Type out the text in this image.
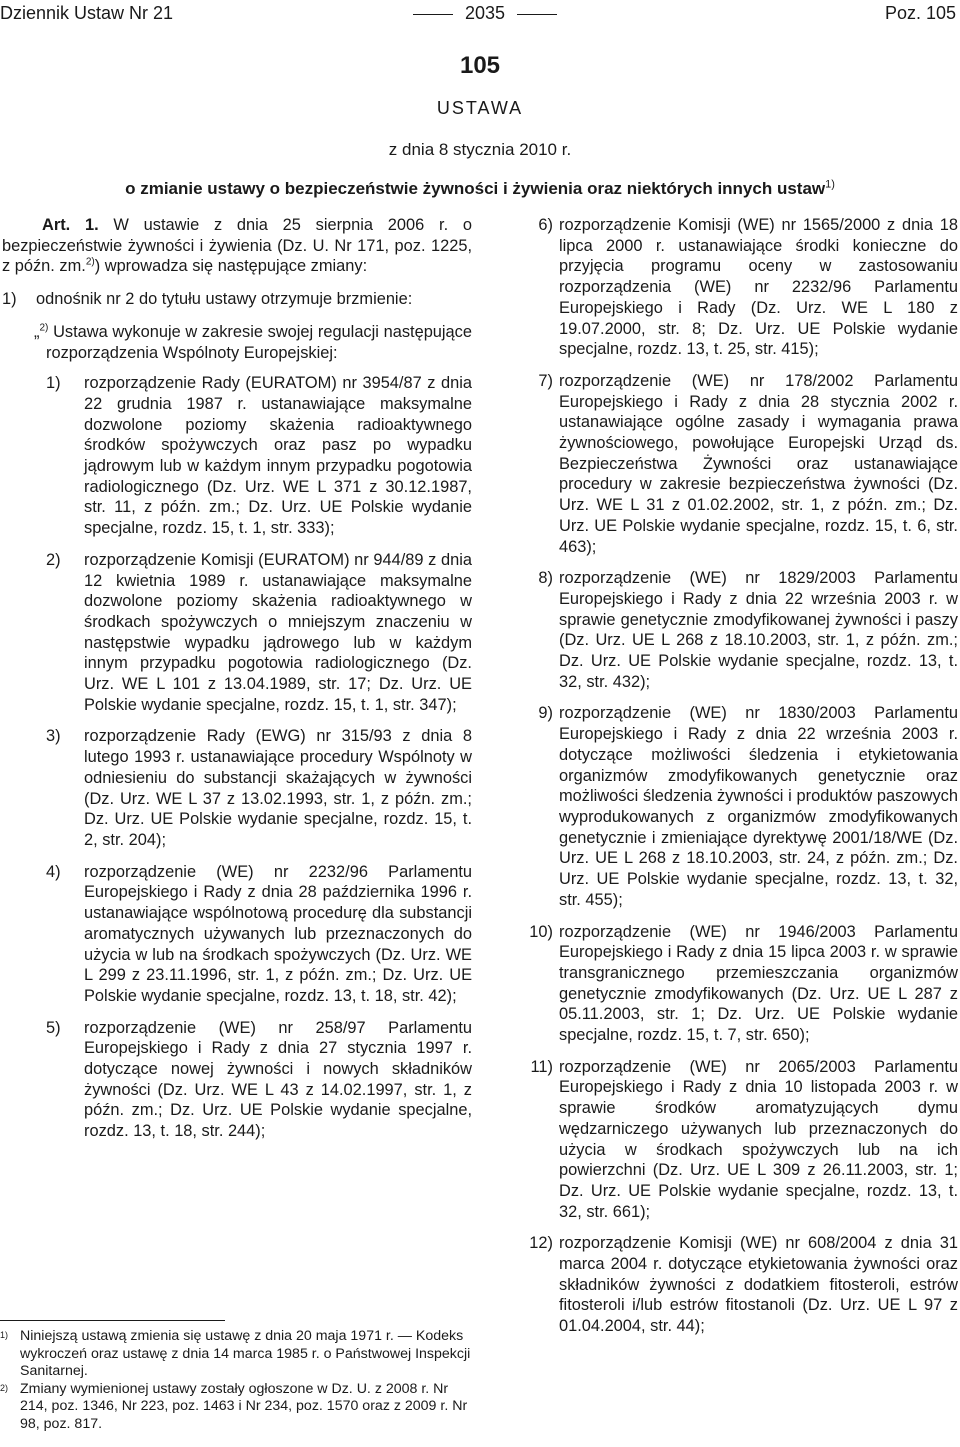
Dziennik Ustaw Nr 21	2035	Poz. 105
105
USTAWA
z dnia 8 stycznia 2010 r.
o zmianie ustawy o bezpieczeństwie żywności i żywienia oraz niektórych innych ustaw$^{1)}$

Art. 1. W ustawie z dnia 25 sierpnia 2006 r. o bezpieczeństwie żywności i żywienia (Dz. U. Nr 171, poz. 1225, z późn. zm.$^{2)}$) wprowadza się następujące zmiany:

1)	odnośnik nr 2 do tytułu ustawy otrzymuje brzmienie:

„$^{2)}$ Ustawa wykonuje w zakresie swojej regulacji następujące rozporządzenia Wspólnoty Europejskiej:

1)	rozporządzenie Rady (EURATOM) nr 3954/87 z dnia 22 grudnia 1987 r. ustanawiające maksymalne dozwolone poziomy skażenia radioaktywnego środków spożywczych oraz pasz po wypadku jądrowym lub w każdym innym przypadku pogotowia radiologicznego (Dz. Urz. WE L 371 z 30.12.1987, str. 11, z późn. zm.; Dz. Urz. UE Polskie wydanie specjalne, rozdz. 15, t. 1, str. 333);
2)	rozporządzenie Komisji (EURATOM) nr 944/89 z dnia 12 kwietnia 1989 r. ustanawiające maksymalne dozwolone poziomy skażenia radioaktywnego w środkach spożywczych o mniejszym znaczeniu w następstwie wypadku jądrowego lub w każdym innym przypadku pogotowia radiologicznego (Dz. Urz. WE L 101 z 13.04.1989, str. 17; Dz. Urz. UE Polskie wydanie specjalne, rozdz. 15, t. 1, str. 347);
3)	rozporządzenie Rady (EWG) nr 315/93 z dnia 8 lutego 1993 r. ustanawiające procedury Wspólnoty w odniesieniu do substancji skażających w żywności (Dz. Urz. WE L 37 z 13.02.1993, str. 1, z późn. zm.; Dz. Urz. UE Polskie wydanie specjalne, rozdz. 15, t. 2, str. 204);
4)	rozporządzenie (WE) nr 2232/96 Parlamentu Europejskiego i Rady z dnia 28 października 1996 r. ustanawiające wspólnotową procedurę dla substancji aromatycznych używanych lub przeznaczonych do użycia w lub na środkach spożywczych (Dz. Urz. WE L 299 z 23.11.1996, str. 1, z późn. zm.; Dz. Urz. UE Polskie wydanie specjalne, rozdz. 13, t. 18, str. 42);
5)	rozporządzenie (WE) nr 258/97 Parlamentu Europejskiego i Rady z dnia 27 stycznia 1997 r. dotyczące nowej żywności i nowych składników żywności (Dz. Urz. WE L 43 z 14.02.1997, str. 1, z późn. zm.; Dz. Urz. UE Polskie wydanie specjalne, rozdz. 13, t. 18, str. 244);
6) rozporządzenie Komisji (WE) nr 1565/2000 z dnia 18 lipca 2000 r. ustanawiające środki konieczne do przyjęcia programu oceny w zastosowaniu rozporządzenia (WE) nr 2232/96 Parlamentu Europejskiego i Rady (Dz. Urz. WE L 180 z 19.07.2000, str. 8; Dz. Urz. UE Polskie wydanie specjalne, rozdz. 13, t. 25, str. 415);
7) rozporządzenie (WE) nr 178/2002 Parlamentu Europejskiego i Rady z dnia 28 stycznia 2002 r. ustanawiające ogólne zasady i wymagania prawa żywnościowego, powołujące Europejski Urząd ds. Bezpieczeństwa Żywności oraz ustanawiające procedury w zakresie bezpieczeństwa żywności (Dz. Urz. WE L 31 z 01.02.2002, str. 1, z późn. zm.; Dz. Urz. UE Polskie wydanie specjalne, rozdz. 15, t. 6, str. 463);
8) rozporządzenie (WE) nr 1829/2003 Parlamentu Europejskiego i Rady z dnia 22 września 2003 r. w sprawie genetycznie zmodyfikowanej żywności i paszy (Dz. Urz. UE L 268 z 18.10.2003, str. 1, z późn. zm.; Dz. Urz. UE Polskie wydanie specjalne, rozdz. 13, t. 32, str. 432);
9) rozporządzenie (WE) nr 1830/2003 Parlamentu Europejskiego i Rady z dnia 22 września 2003 r. dotyczące możliwości śledzenia i etykietowania organizmów zmodyfikowanych genetycznie oraz możliwości śledzenia żywności i produktów paszowych wyprodukowanych z organizmów zmodyfikowanych genetycznie i zmieniające dyrektywę 2001/18/WE (Dz. Urz. UE L 268 z 18.10.2003, str. 24, z późn. zm.; Dz. Urz. UE Polskie wydanie specjalne, rozdz. 13, t. 32, str. 455);
10) rozporządzenie (WE) nr 1946/2003 Parlamentu Europejskiego i Rady z dnia 15 lipca 2003 r. w sprawie transgranicznego przemieszczania organizmów genetycznie zmodyfikowanych (Dz. Urz. UE L 287 z 05.11.2003, str. 1; Dz. Urz. UE Polskie wydanie specjalne, rozdz. 15, t. 7, str. 650);
11) rozporządzenie (WE) nr 2065/2003 Parlamentu Europejskiego i Rady z dnia 10 listopada 2003 r. w sprawie środków aromatyzujących dymu wędzarniczego używanych lub przeznaczonych do użycia w środkach spożywczych lub na ich powierzchni (Dz. Urz. UE L 309 z 26.11.2003, str. 1; Dz. Urz. UE Polskie wydanie specjalne, rozdz. 13, t. 32, str. 661);
12) rozporządzenie Komisji (WE) nr 608/2004 z dnia 31 marca 2004 r. dotyczące etykietowania żywności oraz składników żywności z dodatkiem fitosteroli, estrów fitosteroli i/lub estrów fitostanoli (Dz. Urz. UE L 97 z 01.04.2004, str. 44);
1) Niniejszą ustawą zmienia się ustawę z dnia 20 maja 1971 r. — Kodeks wykroczeń oraz ustawę z dnia 14 marca 1985 r. o Państwowej Inspekcji Sanitarnej.
2) Zmiany wymienionej ustawy zostały ogłoszone w Dz. U. z 2008 r. Nr 214, poz. 1346, Nr 223, poz. 1463 i Nr 234, poz. 1570 oraz z 2009 r. Nr 98, poz. 817.
